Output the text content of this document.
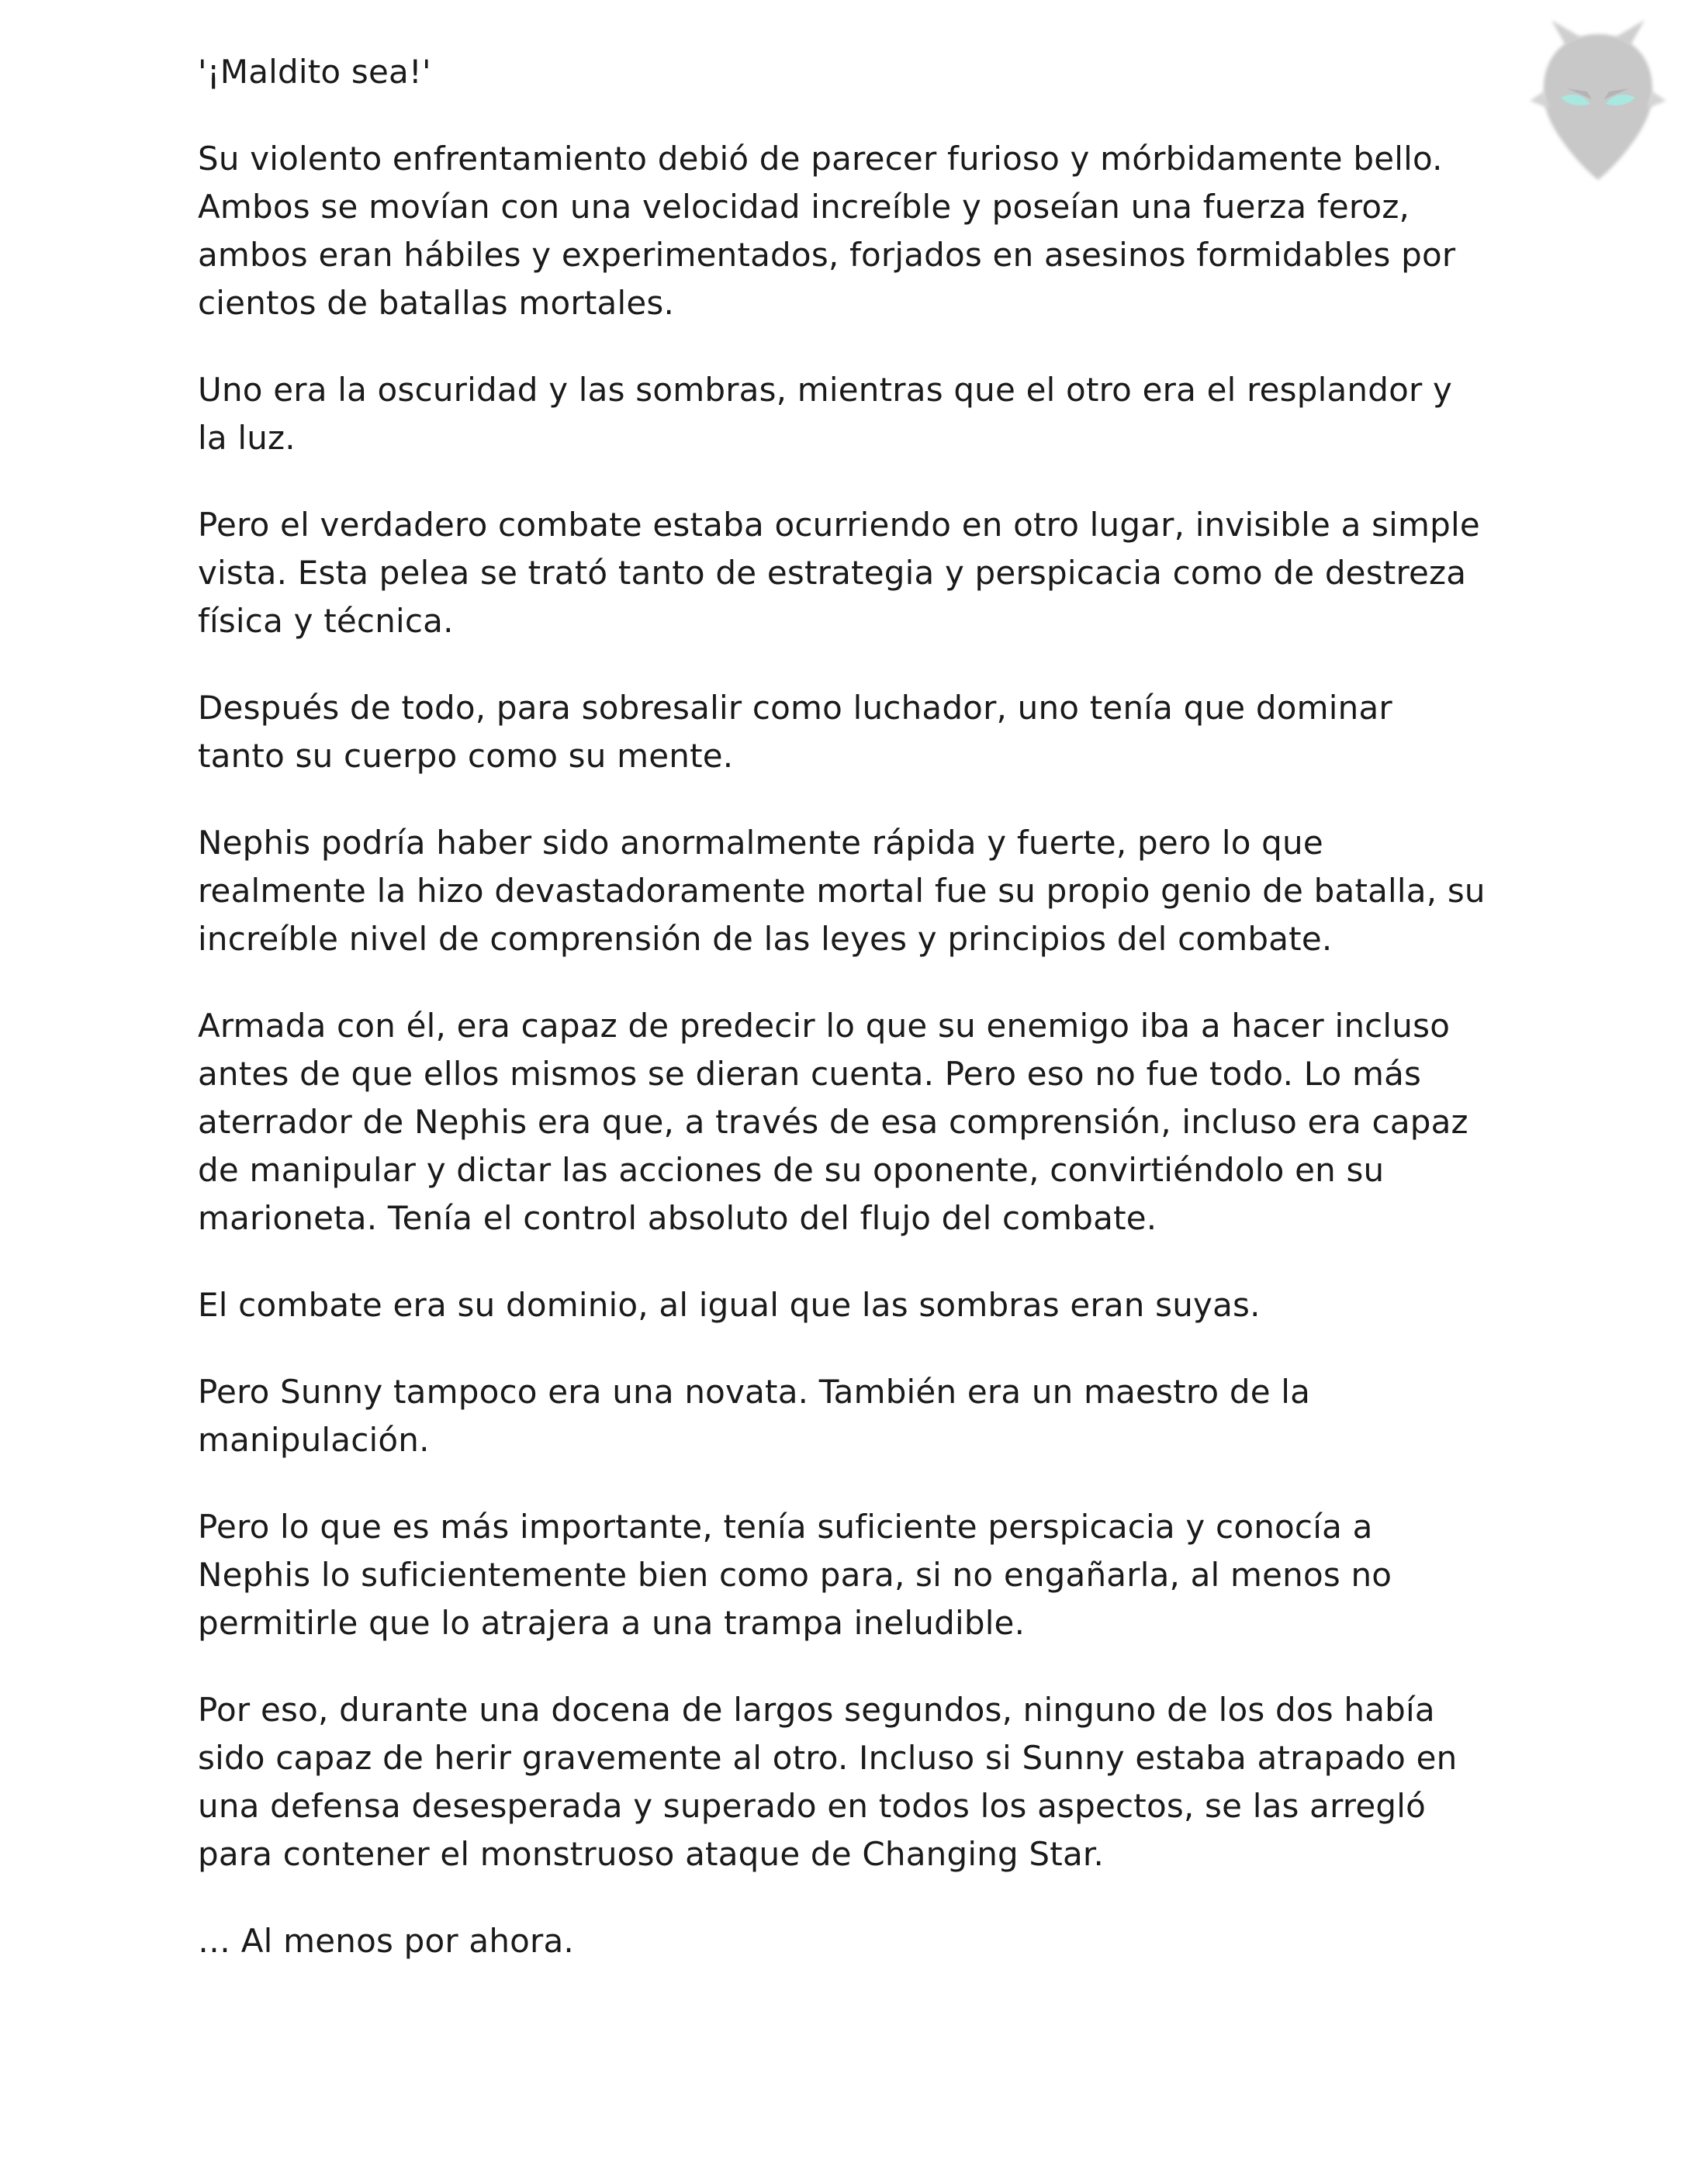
'¡Maldito sea!'

Su violento enfrentamiento debió de parecer furioso y mórbidamente bello. Ambos se movían con una velocidad increíble y poseían una fuerza feroz, ambos eran hábiles y experimentados, forjados en asesinos formidables por cientos de batallas mortales.

Uno era la oscuridad y las sombras, mientras que el otro era el resplandor y la luz.

Pero el verdadero combate estaba ocurriendo en otro lugar, invisible a simple vista. Esta pelea se trató tanto de estrategia y perspicacia como de destreza física y técnica.

Después de todo, para sobresalir como luchador, uno tenía que dominar tanto su cuerpo como su mente.

Nephis podría haber sido anormalmente rápida y fuerte, pero lo que realmente la hizo devastadoramente mortal fue su propio genio de batalla, su increíble nivel de comprensión de las leyes y principios del combate.

Armada con él, era capaz de predecir lo que su enemigo iba a hacer incluso antes de que ellos mismos se dieran cuenta. Pero eso no fue todo. Lo más aterrador de Nephis era que, a través de esa comprensión, incluso era capaz de manipular y dictar las acciones de su oponente, convirtiéndolo en su marioneta. Tenía el control absoluto del flujo del combate.

El combate era su dominio, al igual que las sombras eran suyas.

Pero Sunny tampoco era una novata. También era un maestro de la manipulación.

Pero lo que es más importante, tenía suficiente perspicacia y conocía a Nephis lo suficientemente bien como para, si no engañarla, al menos no permitirle que lo atrajera a una trampa ineludible.

Por eso, durante una docena de largos segundos, ninguno de los dos había sido capaz de herir gravemente al otro. Incluso si Sunny estaba atrapado en una defensa desesperada y superado en todos los aspectos, se las arregló para contener el monstruoso ataque de Changing Star.

… Al menos por ahora.
